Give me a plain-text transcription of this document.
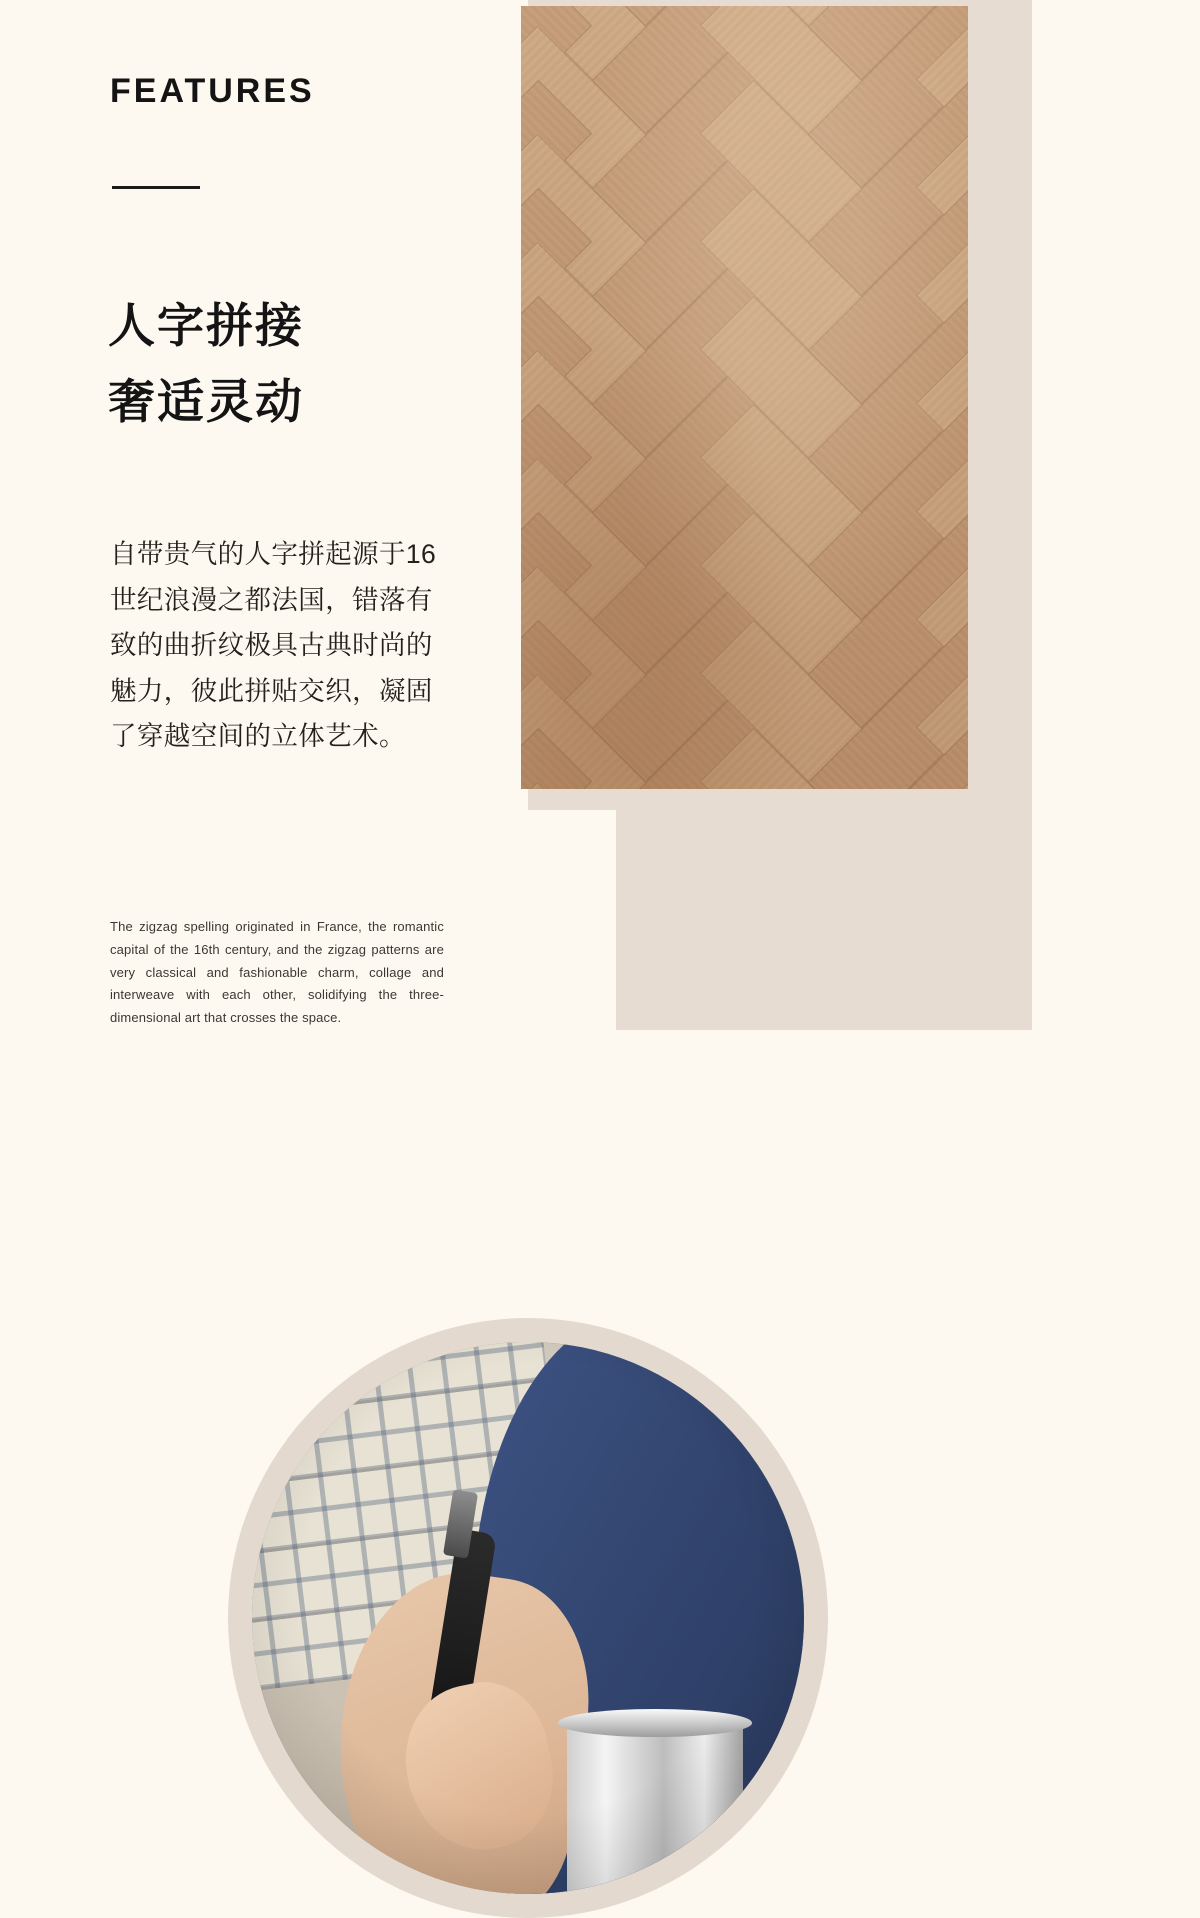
FEATURES
人字拼接
奢适灵动
自带贵气的人字拼起源于16世纪浪漫之都法国，错落有致的曲折纹极具古典时尚的魅力，彼此拼贴交织，凝固了穿越空间的立体艺术。
The zigzag spelling originated in France, the romantic capital of the 16th century, and the zigzag patterns are very classical and fashionable charm, collage and interweave with each other, solidifying the three-dimensional art that crosses the space.
